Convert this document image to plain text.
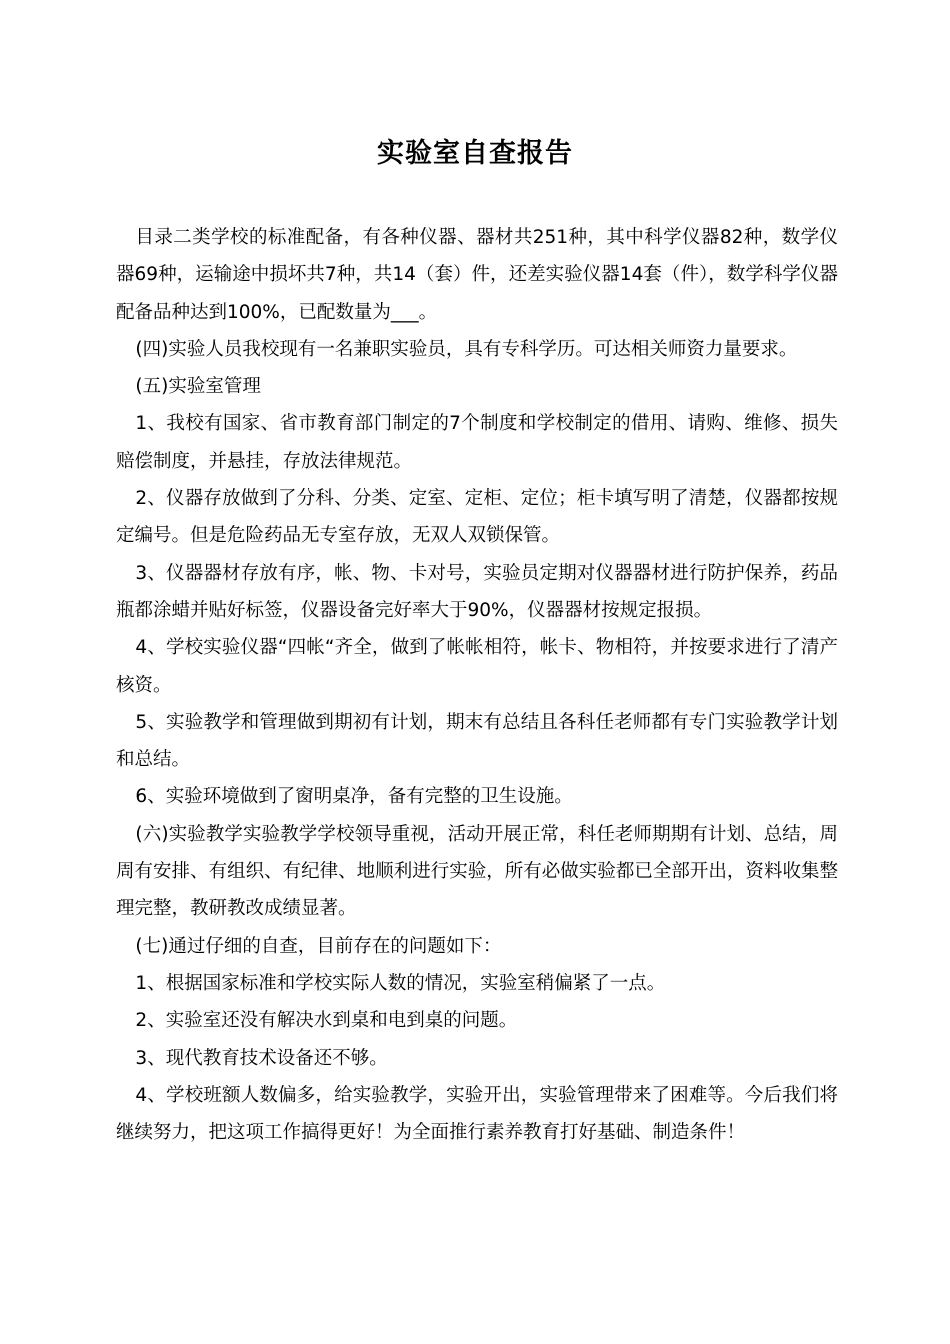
实验室自查报告

目录二类学校的标准配备，有各种仪器、器材共251种，其中科学仪器82种，数学仪器69种，运输途中损坏共7种，共14（套）件，还差实验仪器14套（件），数学科学仪器配备品种达到100%，已配数量为___。

(四)实验人员我校现有一名兼职实验员，具有专科学历。可达相关师资力量要求。

(五)实验室管理

1、我校有国家、省市教育部门制定的7个制度和学校制定的借用、请购、维修、损失赔偿制度，并悬挂，存放法律规范。

2、仪器存放做到了分科、分类、定室、定柜、定位；柜卡填写明了清楚，仪器都按规定编号。但是危险药品无专室存放，无双人双锁保管。

3、仪器器材存放有序，帐、物、卡对号，实验员定期对仪器器材进行防护保养，药品瓶都涂蜡并贴好标签，仪器设备完好率大于90%，仪器器材按规定报损。

4、学校实验仪器“四帐“齐全，做到了帐帐相符，帐卡、物相符，并按要求进行了清产核资。

5、实验教学和管理做到期初有计划，期末有总结且各科任老师都有专门实验教学计划和总结。

6、实验环境做到了窗明桌净，备有完整的卫生设施。

(六)实验教学实验教学学校领导重视，活动开展正常，科任老师期期有计划、总结，周周有安排、有组织、有纪律、地顺利进行实验，所有必做实验都已全部开出，资料收集整理完整，教研教改成绩显著。

(七)通过仔细的自查，目前存在的问题如下：

1、根据国家标准和学校实际人数的情况，实验室稍偏紧了一点。

2、实验室还没有解决水到桌和电到桌的问题。

3、现代教育技术设备还不够。

4、学校班额人数偏多，给实验教学，实验开出，实验管理带来了困难等。今后我们将继续努力，把这项工作搞得更好！为全面推行素养教育打好基础、制造条件！
